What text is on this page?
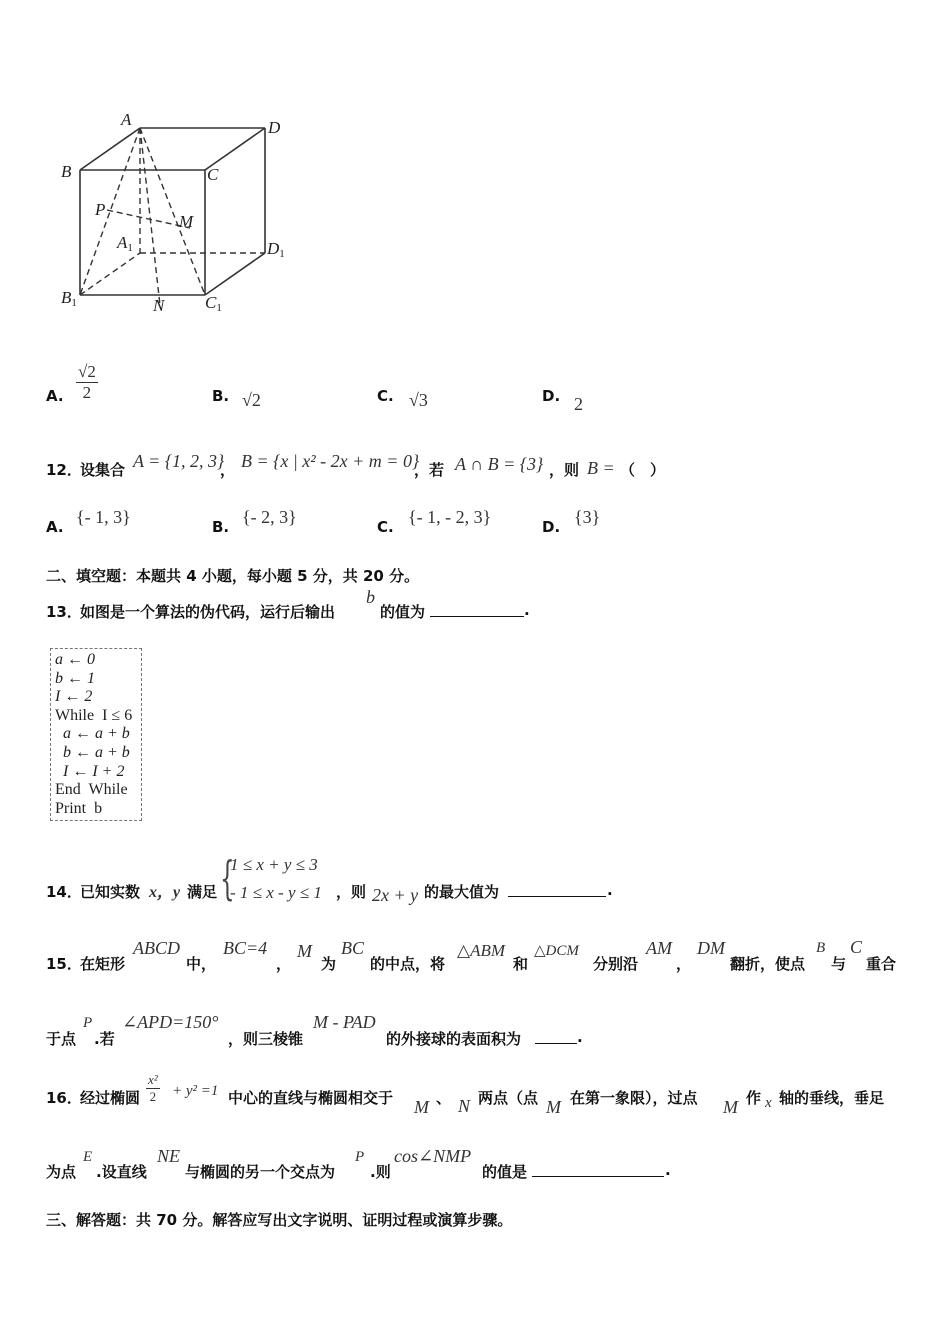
A	D
B	C
P
M
A1	D1
B1	N C1
A. $\frac{√2}{2}$	B. √2	C. √3	D. 2
12．
设集合 A = {1, 2, 3}
， B = {x | x² - 2x + m = 0}
，若 A ∩ B = {3} ，则 B = （　）
A. {- 1, 3}	B. {- 2, 3}	C. {- 1, - 2, 3}	D. {3}
二、填空题：本题共 4 小题，每小题 5 分，共 20 分。
13．
如图是一个算法的伪代码，运行后输出
b
的值为	.
a ← 0
b ← 1
I ← 2
While  I ≤ 6
a ← a + b
b ← a + b
I ← I + 2
End  While
Print  b
14．
已知实数 x，y 满足 {
1 ≤ x + y ≤ 3
- 1 ≤ x - y ≤ 1 ，则 2x + y 的最大值为	.
15．
在矩形
ABCD
中，
BC=4
，
M
为
BC
的中点，将
△ABM
和
△DCM
分别沿
AM
，
DM
翻折，使点
B
与
C
重合
于点
P
.若
∠APD=150°
，则三棱锥
M - PAD
的外接球的表面积为	.
16．
经过椭圆 $\frac{\text{x²}}{2} + y^2 =1$ 中心的直线与椭圆相交于 M 、 N 两点（点 M 在第一象限），过点 M 作 x 轴的垂线，垂足
为点
E
.设直线
NE
与椭圆的另一个交点为
P
.则
cos∠NMP
的值是	.
三、解答题：共 70 分。解答应写出文字说明、证明过程或演算步骤。
